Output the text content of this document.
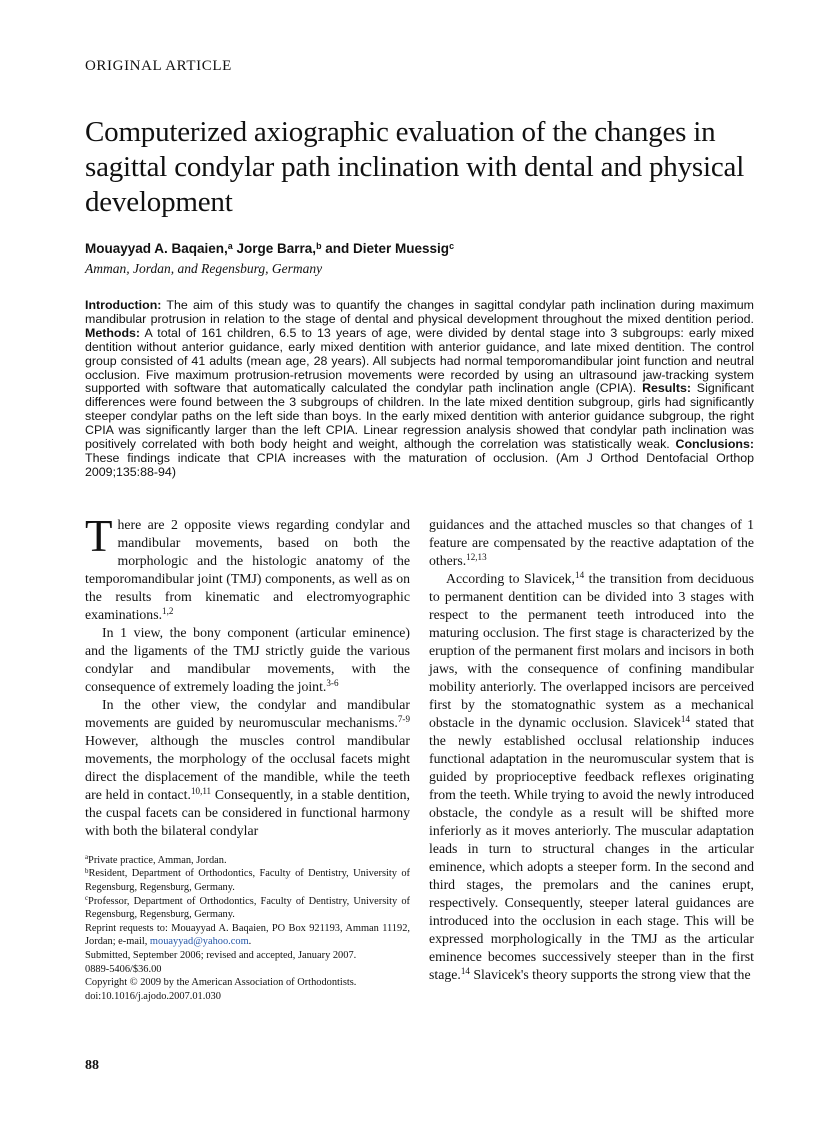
ORIGINAL ARTICLE
Computerized axiographic evaluation of the changes in sagittal condylar path inclination with dental and physical development
Mouayyad A. Baqaien,$^a$ Jorge Barra,$^b$ and Dieter Muessig$^c$
Amman, Jordan, and Regensburg, Germany

Introduction: The aim of this study was to quantify the changes in sagittal condylar path inclination during maximum mandibular protrusion in relation to the stage of dental and physical development throughout the mixed dentition period. Methods: A total of 161 children, 6.5 to 13 years of age, were divided by dental stage into 3 subgroups: early mixed dentition without anterior guidance, early mixed dentition with anterior guidance, and late mixed dentition. The control group consisted of 41 adults (mean age, 28 years). All subjects had normal temporomandibular joint function and neutral occlusion. Five maximum protrusion-retrusion movements were recorded by using an ultrasound jaw-tracking system supported with software that automatically calculated the condylar path inclination angle (CPIA). Results: Significant differences were found between the 3 subgroups of children. In the late mixed dentition subgroup, girls had significantly steeper condylar paths on the left side than boys. In the early mixed dentition with anterior guidance subgroup, the right CPIA was significantly larger than the left CPIA. Linear regression analysis showed that condylar path inclination was positively correlated with both body height and weight, although the correlation was statistically weak. Conclusions: These findings indicate that CPIA increases with the maturation of occlusion. (Am J Orthod Dentofacial Orthop 2009;135:88-94)

There are 2 opposite views regarding condylar and mandibular movements, based on both the morphologic and the histologic anatomy of the temporomandibular joint (TMJ) components, as well as on the results from kinematic and electromyographic examinations.$^{1,2}$

In 1 view, the bony component (articular eminence) and the ligaments of the TMJ strictly guide the various condylar and mandibular movements, with the consequence of extremely loading the joint.$^{3-6}$

In the other view, the condylar and mandibular movements are guided by neuromuscular mechanisms.$^{7-9}$ However, although the muscles control mandibular movements, the morphology of the occlusal facets might direct the displacement of the mandible, while the teeth are held in contact.$^{10,11}$ Consequently, in a stable dentition, the cuspal facets can be considered in functional harmony with both the bilateral condylar

$^a$Private practice, Amman, Jordan.
$^b$Resident, Department of Orthodontics, Faculty of Dentistry, University of Regensburg, Regensburg, Germany.
$^c$Professor, Department of Orthodontics, Faculty of Dentistry, University of Regensburg, Regensburg, Germany.
Reprint requests to: Mouayyad A. Baqaien, PO Box 921193, Amman 11192, Jordan; e-mail, mouayyad@yahoo.com.
Submitted, September 2006; revised and accepted, January 2007.
0889-5406/$36.00
Copyright © 2009 by the American Association of Orthodontists.
doi:10.1016/j.ajodo.2007.01.030

guidances and the attached muscles so that changes of 1 feature are compensated by the reactive adaptation of the others.$^{12,13}$

According to Slavicek,$^{14}$ the transition from deciduous to permanent dentition can be divided into 3 stages with respect to the permanent teeth introduced into the maturing occlusion. The first stage is characterized by the eruption of the permanent first molars and incisors in both jaws, with the consequence of confining mandibular mobility anteriorly. The overlapped incisors are perceived first by the stomatognathic system as a mechanical obstacle in the dynamic occlusion. Slavicek$^{14}$ stated that the newly established occlusal relationship induces functional adaptation in the neuromuscular system that is guided by proprioceptive feedback reflexes originating from the teeth. While trying to avoid the newly introduced obstacle, the condyle as a result will be shifted more inferiorly as it moves anteriorly. The muscular adaptation leads in turn to structural changes in the articular eminence, which adopts a steeper form. In the second and third stages, the premolars and the canines erupt, respectively. Consequently, steeper lateral guidances are introduced into the occlusion in each stage. This will be expressed morphologically in the TMJ as the articular eminence becomes successively steeper than in the first stage.$^{14}$ Slavicek's theory supports the strong view that the

88
